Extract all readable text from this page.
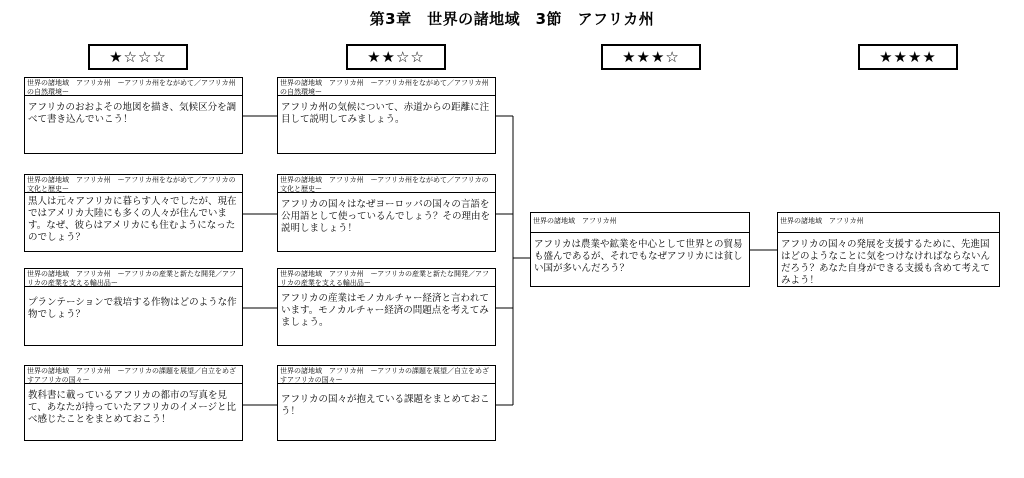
第3章　世界の諸地域　3節　アフリカ州
★☆☆☆	★★☆☆	★★★☆	★★★★
世界の諸地域　アフリカ州　ーアフリカ州をながめて／アフリカ州の自然環境ー
アフリカのおおよその地図を描き、気候区分を調べて書き込んでいこう！
世界の諸地域　アフリカ州　ーアフリカ州をながめて／アフリカの文化と歴史ー
黒人は元々アフリカに暮らす人々でしたが、現在ではアメリカ大陸にも多くの人々が住んでいます。なぜ、彼らはアメリカにも住むようになったのでしょう？
世界の諸地域　アフリカ州　ーアフリカの産業と新たな開発／アフリカの産業を支える輸出品ー
プランテーションで栽培する作物はどのような作物でしょう？
世界の諸地域　アフリカ州　ーアフリカの課題を展望／自立をめざすアフリカの国々ー
教科書に載っているアフリカの都市の写真を見て、あなたが持っていたアフリカのイメージと比べ感じたことをまとめておこう！
世界の諸地域　アフリカ州　ーアフリカ州をながめて／アフリカ州の自然環境ー
アフリカ州の気候について、赤道からの距離に注目して説明してみましょう。
世界の諸地域　アフリカ州　ーアフリカ州をながめて／アフリカの文化と歴史ー
アフリカの国々はなぜヨーロッパの国々の言語を公用語として使っているんでしょう？その理由を説明しましょう！
世界の諸地域　アフリカ州　ーアフリカの産業と新たな開発／アフリカの産業を支える輸出品ー
アフリカの産業はモノカルチャー経済と言われています。モノカルチャー経済の問題点を考えてみましょう。
世界の諸地域　アフリカ州　ーアフリカの課題を展望／自立をめざすアフリカの国々ー
アフリカの国々が抱えている課題をまとめておこう！
世界の諸地域　アフリカ州
アフリカは農業や鉱業を中心として世界との貿易も盛んであるが、それでもなぜアフリカには貧しい国が多いんだろう？
世界の諸地域　アフリカ州
アフリカの国々の発展を支援するために、先進国はどのようなことに気をつけなければならないんだろう？あなた自身ができる支援も含めて考えてみよう！
